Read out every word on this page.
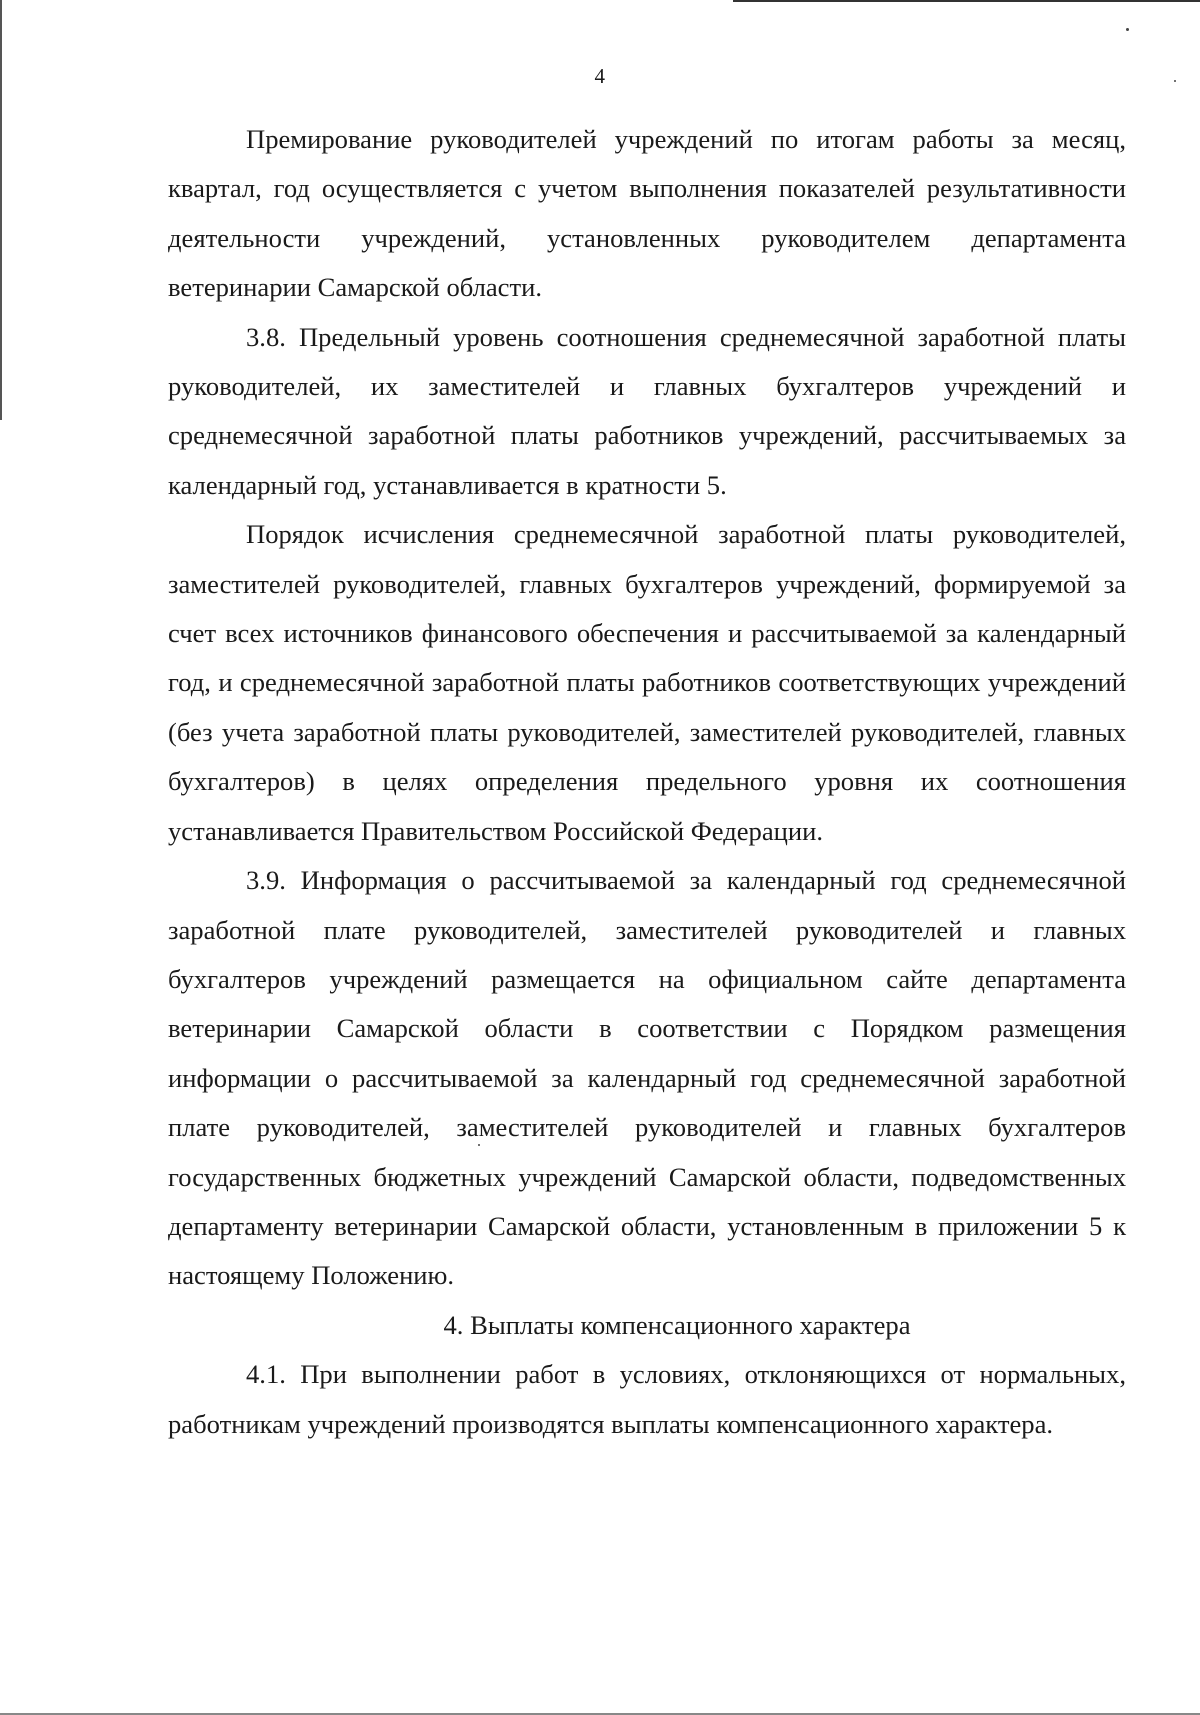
4

Премирование руководителей учреждений по итогам работы за месяц, квартал, год осуществляется с учетом выполнения показателей результативности деятельности учреждений, установленных руководителем департамента ветеринарии Самарской области.

3.8. Предельный уровень соотношения среднемесячной заработной платы руководителей, их заместителей и главных бухгалтеров учреждений и среднемесячной заработной платы работников учреждений, рассчитываемых за календарный год, устанавливается в кратности 5.

Порядок исчисления среднемесячной заработной платы руководителей, заместителей руководителей, главных бухгалтеров учреждений, формируемой за счет всех источников финансового обеспечения и рассчитываемой за календарный год, и среднемесячной заработной платы работников соответствующих учреждений (без учета заработной платы руководителей, заместителей руководителей, главных бухгалтеров) в целях определения предельного уровня их соотношения устанавливается Правительством Российской Федерации.

3.9. Информация о рассчитываемой за календарный год среднемесячной заработной плате руководителей, заместителей руководителей и главных бухгалтеров учреждений размещается на официальном сайте департамента ветеринарии Самарской области в соответствии с Порядком размещения информации о рассчитываемой за календарный год среднемесячной заработной плате руководителей, заместителей руководителей и главных бухгалтеров государственных бюджетных учреждений Самарской области, подведомственных департаменту ветеринарии Самарской области, установленным в приложении 5 к настоящему Положению.

4. Выплаты компенсационного характера

4.1. При выполнении работ в условиях, отклоняющихся от нормальных, работникам учреждений производятся выплаты компенсационного характера.
